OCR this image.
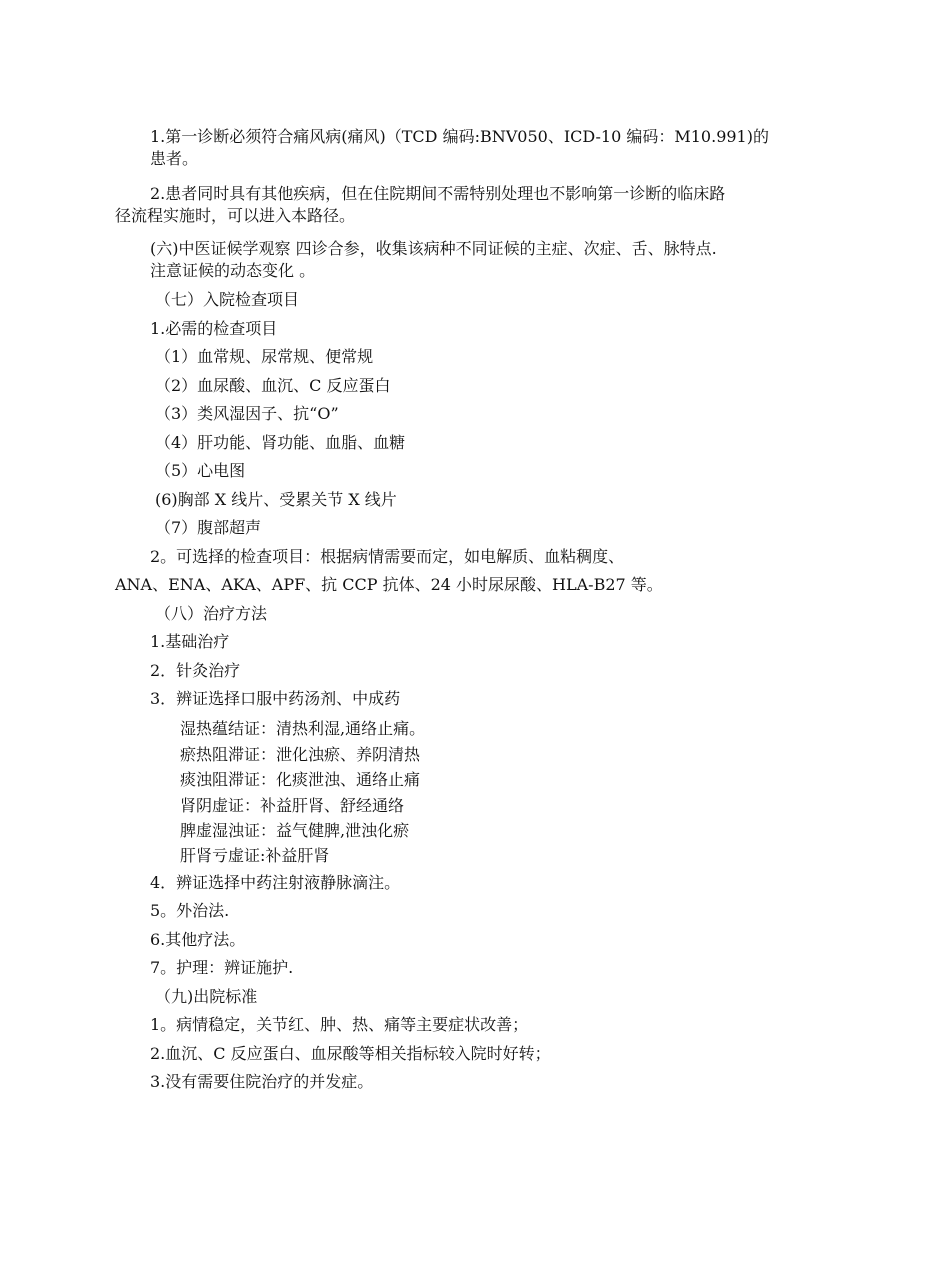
1.第一诊断必须符合痛风病(痛风)（TCD 编码:BNV050、ICD-10 编码：M10.991)的
患者。
2.患者同时具有其他疾病，但在住院期间不需特别处理也不影响第一诊断的临床路
径流程实施时，可以进入本路径。
(六)中医证候学观察 四诊合参，收集该病种不同证候的主症、次症、舌、脉特点.
注意证候的动态变化 。
（七）入院检查项目
1.必需的检查项目
（1）血常规、尿常规、便常规
（2）血尿酸、血沉、C 反应蛋白
（3）类风湿因子、抗“O”
（4）肝功能、肾功能、血脂、血糖
（5）心电图
(6)胸部 X 线片、受累关节 X 线片
（7）腹部超声
2。可选择的检查项目：根据病情需要而定，如电解质、血粘稠度、
ANA、ENA、AKA、APF、抗 CCP 抗体、24 小时尿尿酸、HLA-B27 等。
（八）治疗方法
1.基础治疗
2．针灸治疗
3．辨证选择口服中药汤剂、中成药
湿热蕴结证：清热利湿,通络止痛。
瘀热阻滞证：泄化浊瘀、养阴清热
痰浊阻滞证：化痰泄浊、通络止痛
肾阴虚证：补益肝肾、舒经通络
脾虚湿浊证：益气健脾,泄浊化瘀
肝肾亏虚证:补益肝肾
4．辨证选择中药注射液静脉滴注。
5。外治法.
6.其他疗法。
7。护理：辨证施护.
（九)出院标准
1。病情稳定，关节红、肿、热、痛等主要症状改善；
2.血沉、C 反应蛋白、血尿酸等相关指标较入院时好转；
3.没有需要住院治疗的并发症。
